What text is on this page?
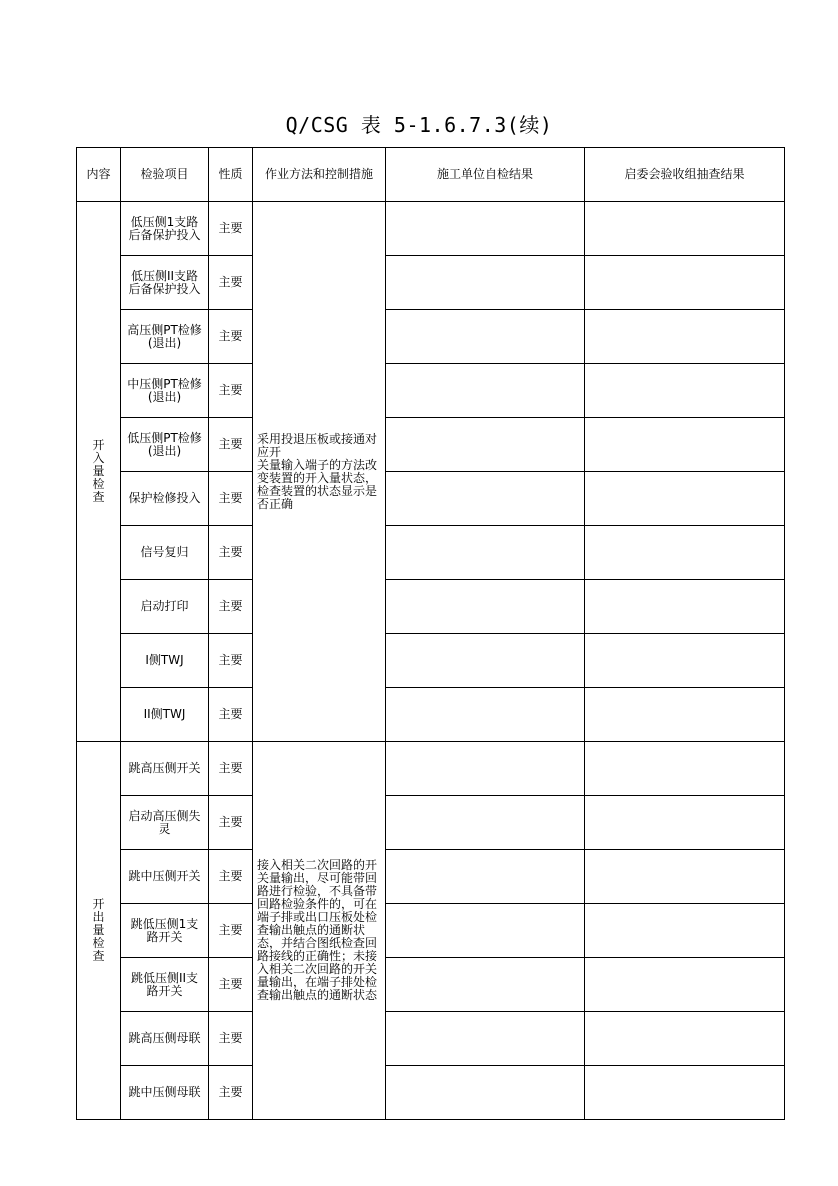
Q/CSG 表 5-1.6.7.3(续)
内容	检验项目	性质	作业方法和控制措施	施工单位自检结果	启委会验收组抽查结果
开入量检查	低压侧1支路后备保护投入	主要	采用投退压板或接通对应开
关量输入端子的方法改变装置的开入量状态，检查装置的状态显示是否正确		
	低压侧II支路后备保护投入	主要			
	高压侧PT检修(退出)	主要			
	中压侧PT检修(退出)	主要			
	低压侧PT检修(退出)	主要			
	保护检修投入	主要			
	信号复归	主要			
	启动打印	主要			
	I侧TWJ	主要			
	II侧TWJ	主要			
开出量检查	跳高压侧开关	主要	接入相关二次回路的开关量输出，尽可能带回路进行检验，不具备带回路检验条件的，可在端子排或出口压板处检查输出触点的通断状态，并结合图纸检查回路接线的正确性；未接入相关二次回路的开关量输出，在端子排处检查输出触点的通断状态		
	启动高压侧失灵	主要			
	跳中压侧开关	主要			
	跳低压侧1支路开关	主要			
	跳低压侧II支路开关	主要			
	跳高压侧母联	主要			
	跳中压侧母联	主要			
